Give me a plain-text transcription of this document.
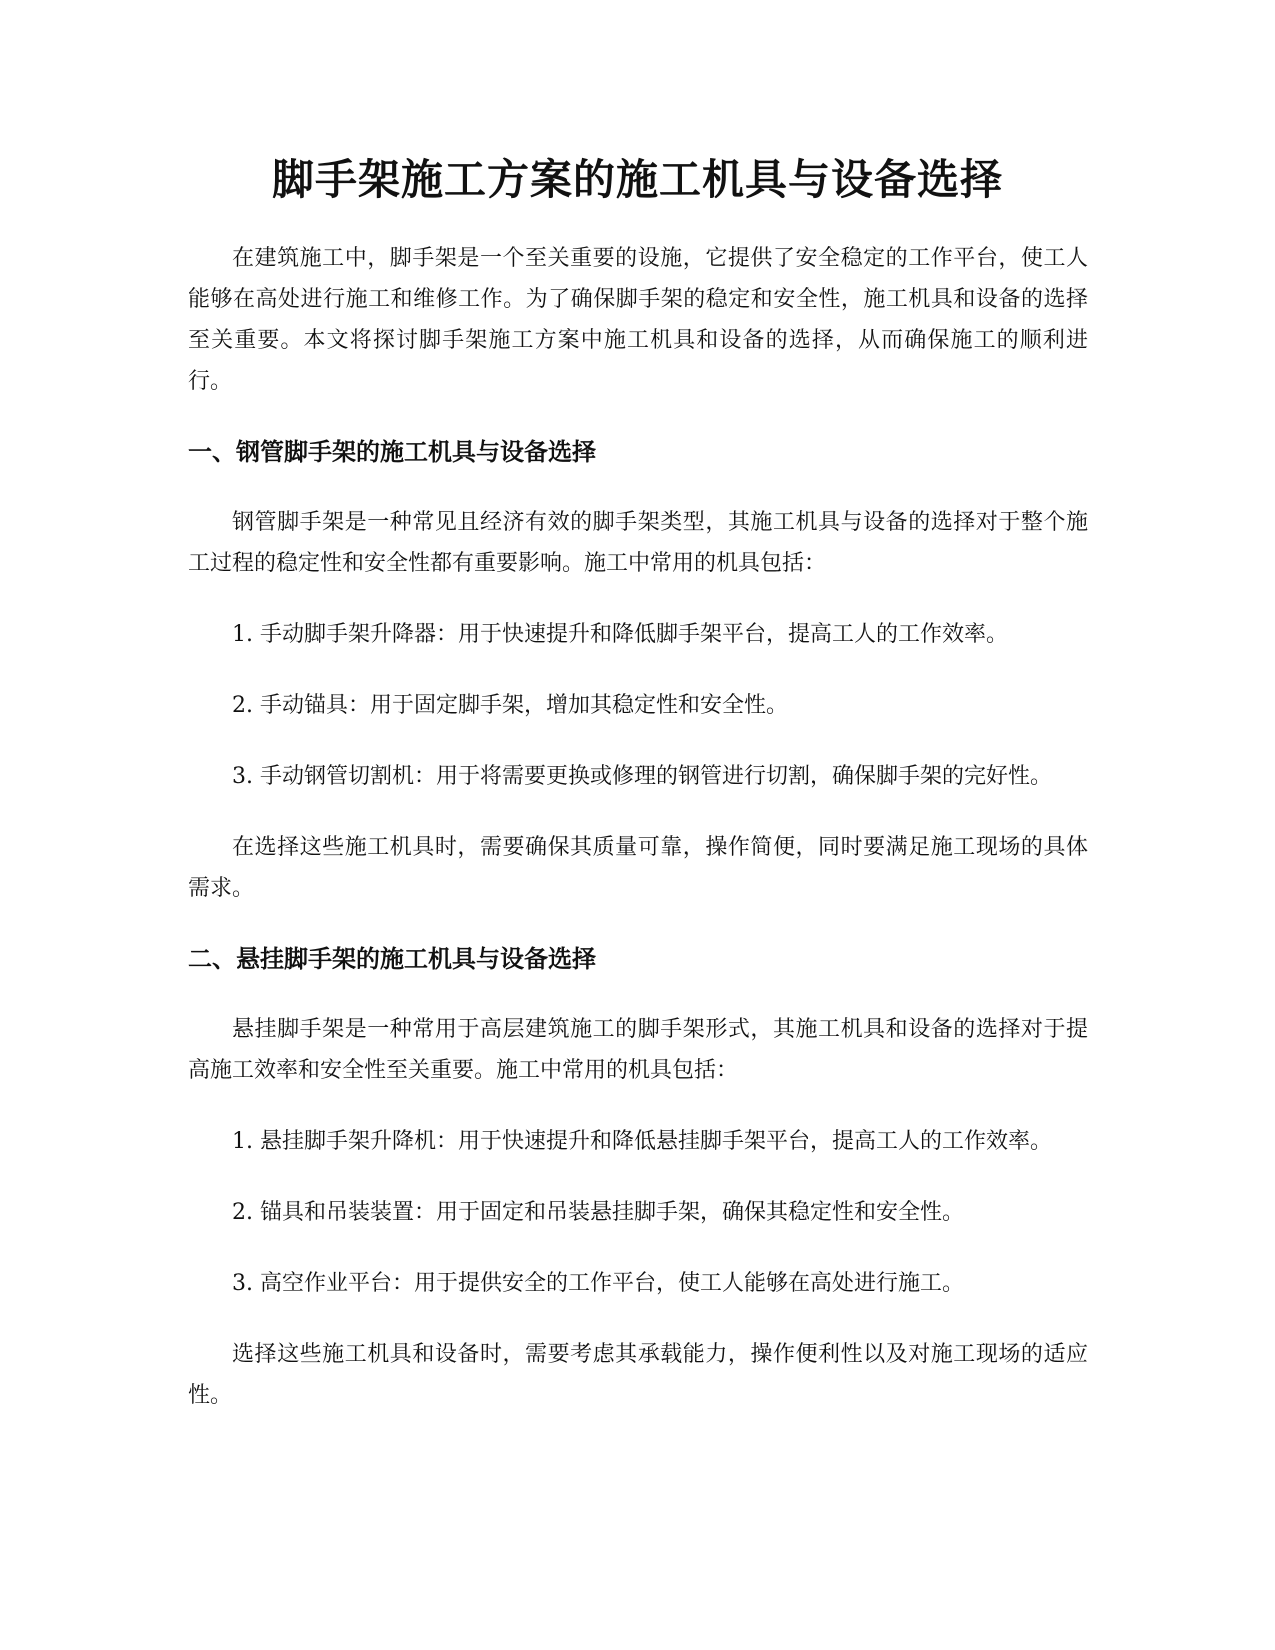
脚手架施工方案的施工机具与设备选择

在建筑施工中，脚手架是一个至关重要的设施，它提供了安全稳定的工作平台，使工人能够在高处进行施工和维修工作。为了确保脚手架的稳定和安全性，施工机具和设备的选择至关重要。本文将探讨脚手架施工方案中施工机具和设备的选择，从而确保施工的顺利进行。

一、钢管脚手架的施工机具与设备选择

钢管脚手架是一种常见且经济有效的脚手架类型，其施工机具与设备的选择对于整个施工过程的稳定性和安全性都有重要影响。施工中常用的机具包括：

1. 手动脚手架升降器：用于快速提升和降低脚手架平台，提高工人的工作效率。

2. 手动锚具：用于固定脚手架，增加其稳定性和安全性。

3. 手动钢管切割机：用于将需要更换或修理的钢管进行切割，确保脚手架的完好性。

在选择这些施工机具时，需要确保其质量可靠，操作简便，同时要满足施工现场的具体需求。

二、悬挂脚手架的施工机具与设备选择

悬挂脚手架是一种常用于高层建筑施工的脚手架形式，其施工机具和设备的选择对于提高施工效率和安全性至关重要。施工中常用的机具包括：

1. 悬挂脚手架升降机：用于快速提升和降低悬挂脚手架平台，提高工人的工作效率。

2. 锚具和吊装装置：用于固定和吊装悬挂脚手架，确保其稳定性和安全性。

3. 高空作业平台：用于提供安全的工作平台，使工人能够在高处进行施工。

选择这些施工机具和设备时，需要考虑其承载能力，操作便利性以及对施工现场的适应性。
